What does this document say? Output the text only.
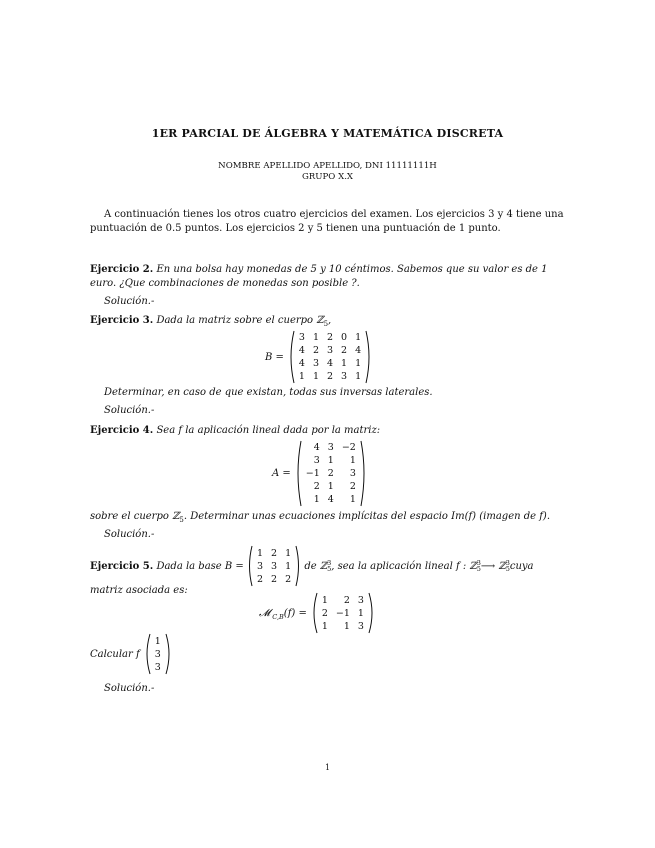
1ER PARCIAL DE ÁLGEBRA Y MATEMÁTICA DISCRETA
NOMBRE APELLIDO APELLIDO, DNI 11111111H
GRUPO X.X
A continuación tienes los otros cuatro ejercicios del examen. Los ejercicios 3 y 4 tiene una puntuación de 0.5 puntos. Los ejercicios 2 y 5 tienen una puntuación de 1 punto.
Ejercicio 2. En una bolsa hay monedas de 5 y 10 céntimos. Sabemos que su valor es de 1 euro. ¿Que combinaciones de monedas son posible ?.
Solución.-
Ejercicio 3. Dada la matriz sobre el cuerpo ℤ$_5$,
B =
3	1	2	0	1
4	2	3	2	4
4	3	4	1	1
1	1	2	3	1
Determinar, en caso de que existan, todas sus inversas laterales.
Solución.-
Ejercicio 4. Sea f la aplicación lineal dada por la matriz:
A =
4	3	−2
3	1	1
−1	2	3
2	1	2
1	4	1
sobre el cuerpo ℤ$_5$. Determinar unas ecuaciones implícitas del espacio Im(f) (imagen de f).
Solución.-
Ejercicio 5.
Dada la base B =

1	2	1
3	3	1
2	2	2

de ℤ 3
5 , sea la aplicación lineal f : ℤ 3
5 ⟶ ℤ 3
5 cuya
matriz asociada es:
𝓜 $_{C,B}$ (f) =
1	2	3
2	−1	1
1	1	3
Calcular f
1
3
3
Solución.-
1
